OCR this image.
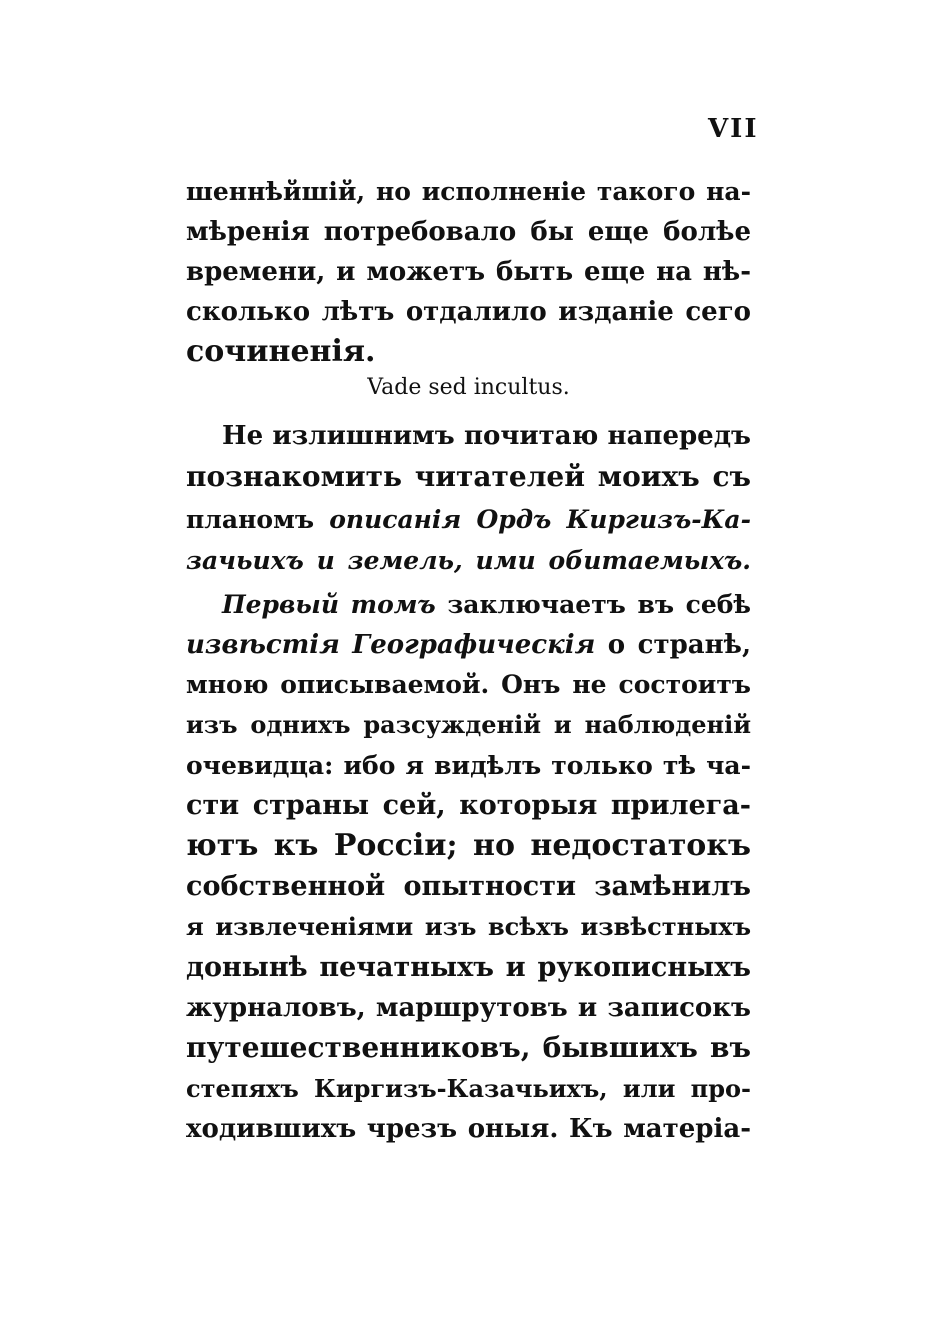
VII
шеннѣйшiй, но исполненiе такого на-
мѣренiя потребовало бы еще болѣе
времени, и можетъ быть еще на нѣ-
сколько лѣтъ отдалило изданiе сего
сочиненiя.
Vade sed incultus.
Не излишнимъ почитаю напередъ
познакомить читателей моихъ съ
планомъ описанiя Ордъ Киргизъ-Ка-
зачьихъ и земель, ими обитаемыхъ.
Первый томъ заключаетъ въ себѣ
извѣстiя Географическiя о странѣ,
мною описываемой. Онъ не состоитъ
изъ однихъ разсужденiй и наблюденiй
очевидца: ибо я видѣлъ только тѣ ча-
сти страны сей, которыя прилега-
ютъ къ Россiи; но недостатокъ
собственной опытности замѣнилъ
я извлеченiями изъ всѣхъ извѣстныхъ
донынѣ печатныхъ и рукописныхъ
журналовъ, маршрутовъ и записокъ
путешественниковъ, бывшихъ въ
степяхъ Киргизъ-Казачьихъ, или про-
ходившихъ чрезъ оныя. Къ матерiа-
